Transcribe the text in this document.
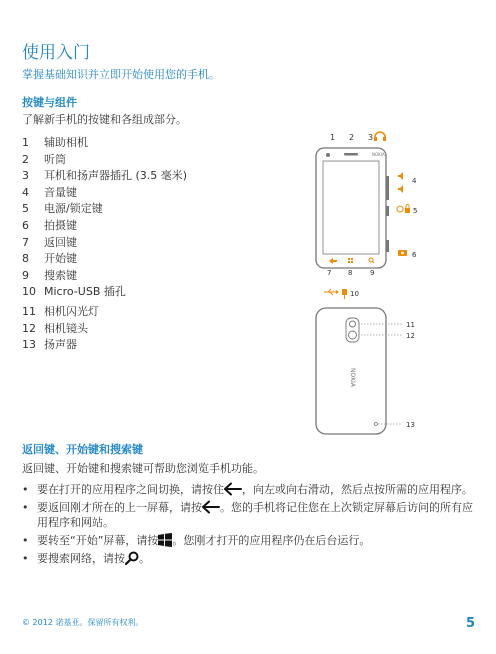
使用入门
掌握基础知识并立即开始使用您的手机。
按键与组件
了解新手机的按键和各组成部分。
1 辅助相机
2 听筒
3 耳机和扬声器插孔 (3.5 毫米)
4 音量键
5 电源/锁定键
6 拍摄键
7 返回键
8 开始键
9 搜索键
10 Micro-USB 插孔
11 相机闪光灯
12 相机镜头
13 扬声器
1 2 3
NOKIA
4
5
6
7 8	9
10
NOKIA
11
12
13
返回键、开始键和搜索键
返回键、开始键和搜索键可帮助您浏览手机功能。
• 要在打开的应用程序之间切换，请按住 ，向左或向右滑动，然后点按所需的应用程序。
• 要返回刚才所在的上一屏幕，请按 。您的手机将记住您在上次锁定屏幕后访问的所有应用程序和网站。
• 要转至“开始”屏幕，请按 。您刚才打开的应用程序仍在后台运行。
• 要搜索网络，请按 。
© 2012 诺基亚。保留所有权利。	5
